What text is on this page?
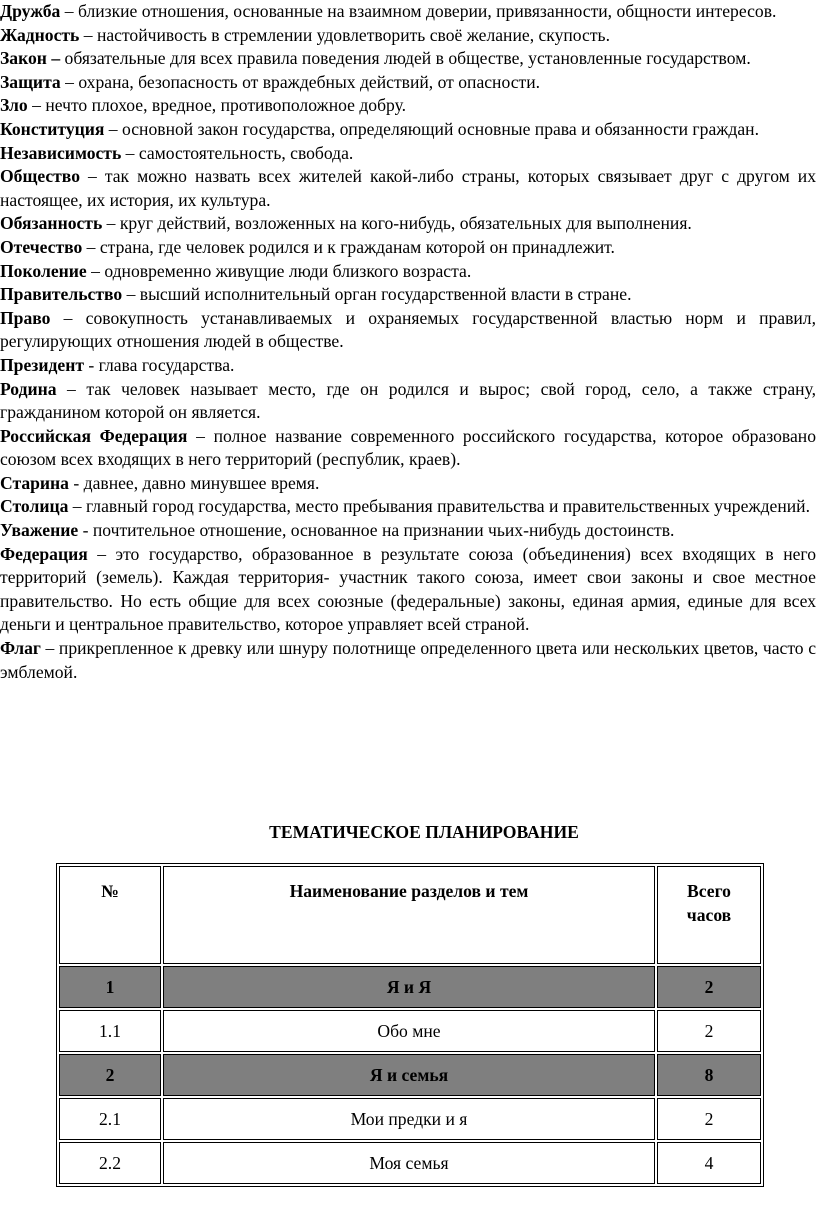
Дружба – близкие отношения, основанные на взаимном доверии, привязанности, общности интересов.

Жадность – настойчивость в стремлении удовлетворить своё желание, скупость.

Закон – обязательные для всех правила поведения людей в обществе, установленные государством.

Защита – охрана, безопасность от враждебных действий, от опасности.

Зло – нечто плохое, вредное, противоположное добру.

Конституция – основной закон государства, определяющий основные права и обязанности граждан.

Независимость – самостоятельность, свобода.

Общество – так можно назвать всех жителей какой-либо страны, которых связывает друг с другом их настоящее, их история, их культура.

Обязанность – круг действий, возложенных на кого-нибудь, обязательных для выполнения.

Отечество – страна, где человек родился и к гражданам которой он принадлежит.

Поколение – одновременно живущие люди близкого возраста.

Правительство – высший исполнительный орган государственной власти в стране.

Право – совокупность устанавливаемых и охраняемых государственной властью норм и правил, регулирующих отношения людей в обществе.

Президент - глава государства.

Родина – так человек называет место, где он родился и вырос; свой город, село, а также страну, гражданином которой он является.

Российская Федерация – полное название современного российского государства, которое образовано союзом всех входящих в него территорий (республик, краев).

Старина - давнее, давно минувшее время.

Столица – главный город государства, место пребывания правительства и правительственных учреждений.

Уважение - почтительное отношение, основанное на признании чьих-нибудь достоинств.

Федерация – это государство, образованное в результате союза (объединения) всех входящих в него территорий (земель). Каждая территория- участник такого союза, имеет свои законы и свое местное правительство. Но есть общие для всех союзные (федеральные) законы, единая армия, единые для всех деньги и центральное правительство, которое управляет всей страной.

Флаг – прикрепленное к древку или шнуру полотнище определенного цвета или нескольких цветов, часто с эмблемой.

ТЕМАТИЧЕСКОЕ ПЛАНИРОВАНИЕ
№	Наименование разделов и тем	Всего часов
1	Я и Я	2
1.1	Обо мне	2
2	Я и семья	8
2.1	Мои предки и я	2
2.2	Моя семья	4
